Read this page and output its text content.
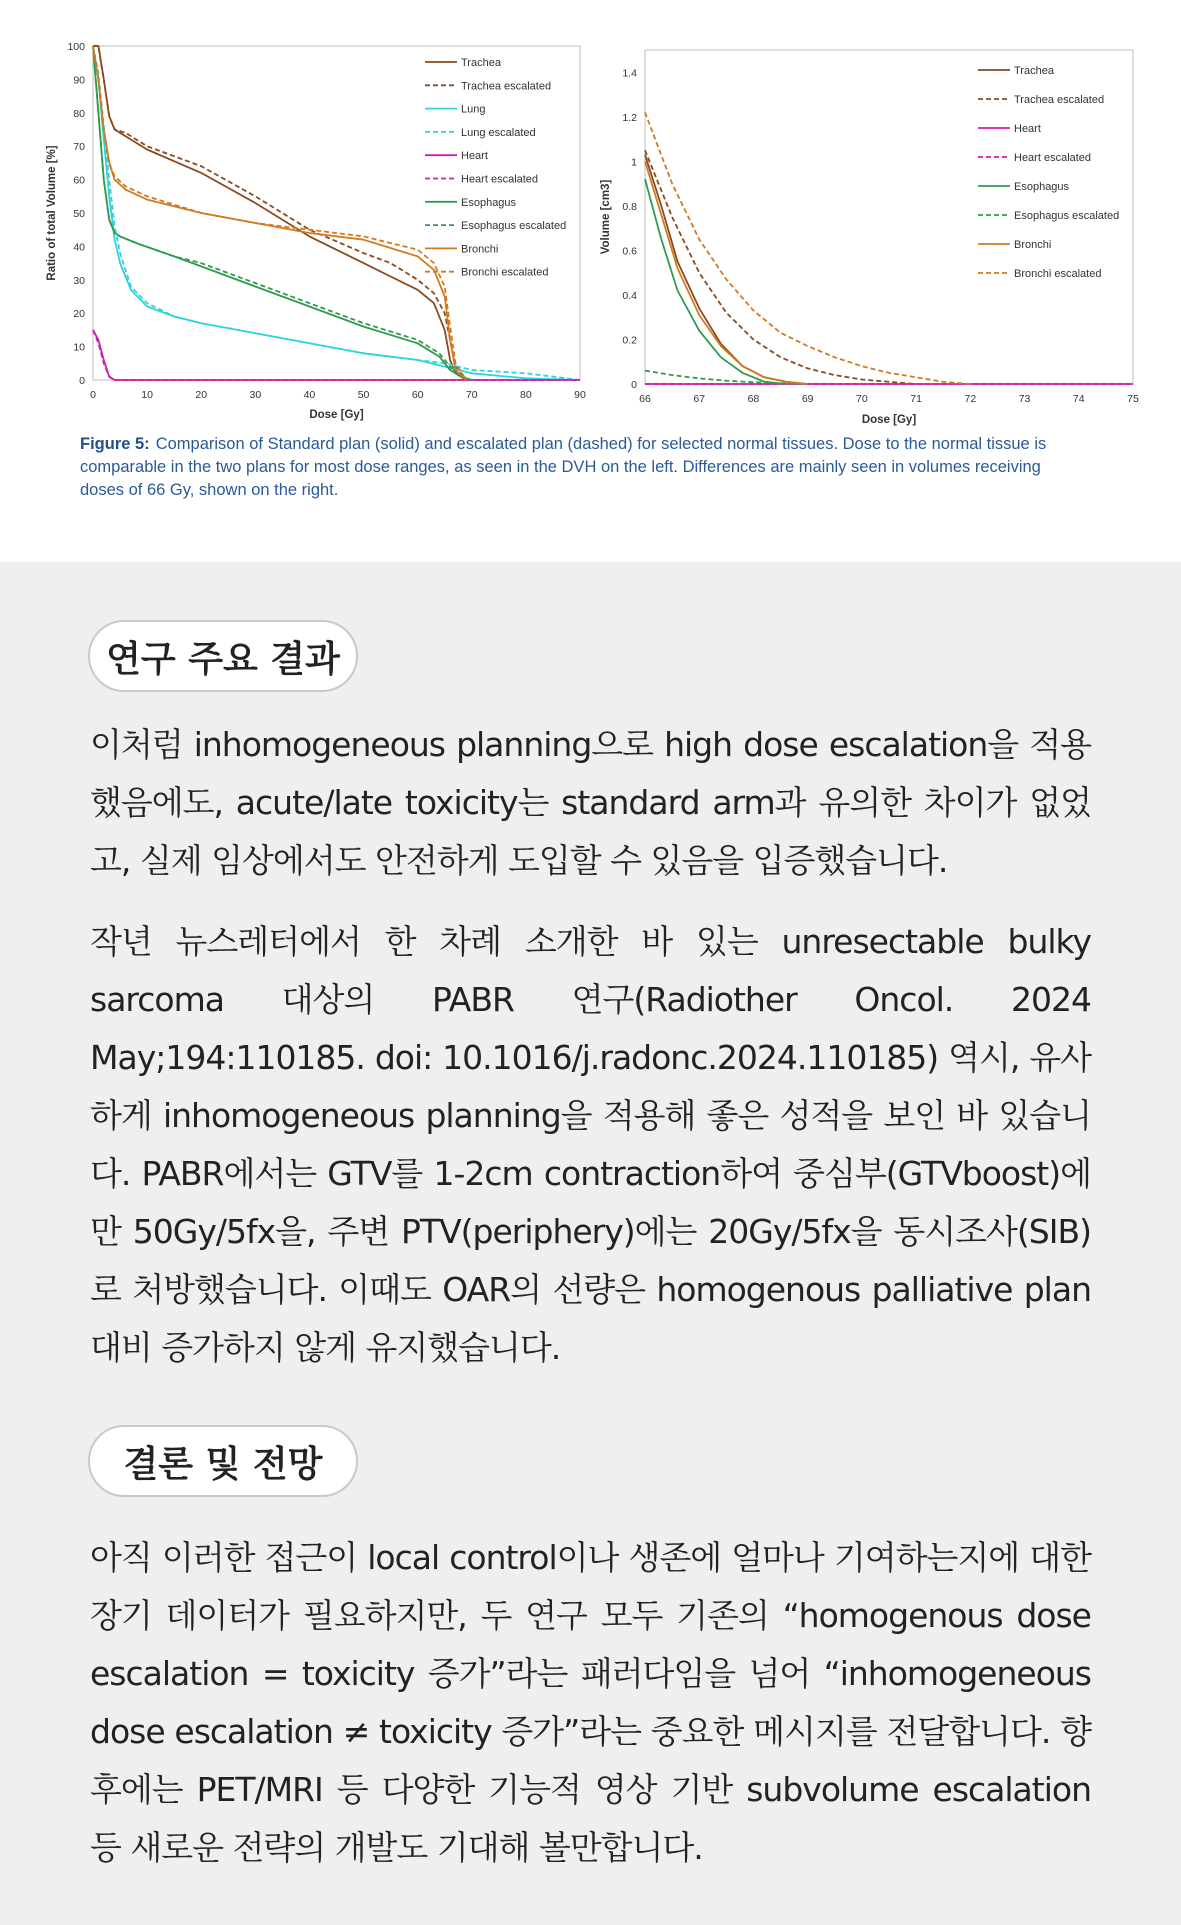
0
10
20
30
40
50
60
70
80
90
100
0	10	20	30	40	50	60	70	80	90
Dose [Gy]
Ratio of total Volume [%]
Trachea
Trachea escalated
Lung
Lung escalated
Heart
Heart escalated
Esophagus
Esophagus escalated
Bronchi
Bronchi escalated
0
0.2
0.4
0.6
0.8
1
1.2
1.4
66	67	68	69	70	71	72	73	74	75
Dose [Gy]
Volume [cm3]
Trachea
Trachea escalated
Heart
Heart escalated
Esophagus
Esophagus escalated
Bronchi
Bronchi escalated
Figure 5: Comparison of Standard plan (solid) and escalated plan (dashed) for selected normal tissues. Dose to the normal tissue is comparable in the two plans for most dose ranges, as seen in the DVH on the left. Differences are mainly seen in volumes receiving doses of 66 Gy, shown on the right.
연구 주요 결과
이처럼 inhomogeneous planning으로 high dose escalation을 적용했음에도, acute/late toxicity는 standard arm과 유의한 차이가 없었고, 실제 임상에서도 안전하게 도입할 수 있음을 입증했습니다.
작년 뉴스레터에서 한 차례 소개한 바 있는 unresectable bulky sarcoma 대상의 PABR 연구(Radiother Oncol. 2024 May;194:110185. doi: 10.1016/j.radonc.2024.110185) 역시, 유사하게 inhomogeneous planning을 적용해 좋은 성적을 보인 바 있습니다. PABR에서는 GTV를 1-2cm contraction하여 중심부(GTVboost)에만 50Gy/5fx을, 주변 PTV(periphery)에는 20Gy/5fx을 동시조사(SIB)로 처방했습니다. 이때도 OAR의 선량은 homogenous palliative plan 대비 증가하지 않게 유지했습니다.
결론 및 전망
아직 이러한 접근이 local control이나 생존에 얼마나 기여하는지에 대한 장기 데이터가 필요하지만, 두 연구 모두 기존의 “homogenous dose escalation = toxicity 증가”라는 패러다임을 넘어 “inhomogeneous dose escalation ≠ toxicity 증가”라는 중요한 메시지를 전달합니다. 향후에는 PET/MRI 등 다양한 기능적 영상 기반 subvolume escalation 등 새로운 전략의 개발도 기대해 볼만합니다.
